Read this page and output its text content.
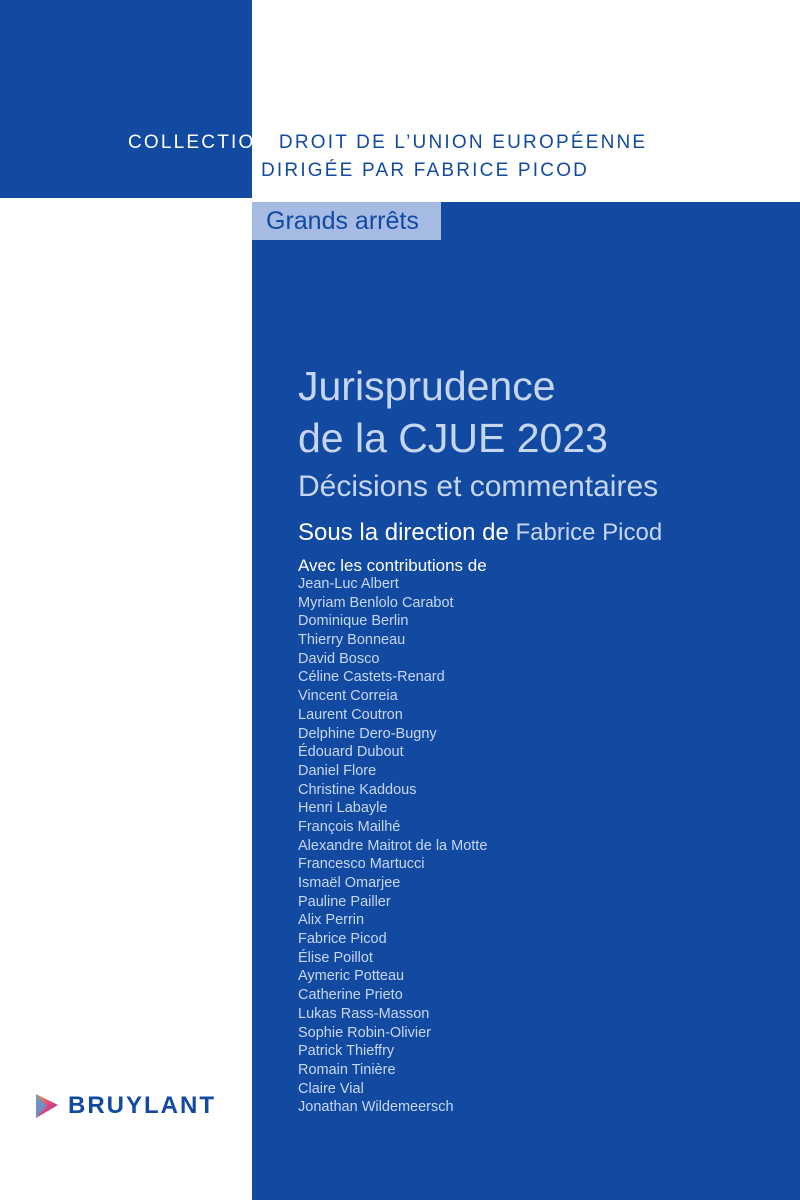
COLLECTION DROIT DE L’UNION EUROPÉENNE

DIRIGÉE PAR FABRICE PICOD

Grands arrêts
Jurisprudence
de la CJUE 2023
Décisions et commentaires

Sous la direction de Fabrice Picod

Avec les contributions de

Jean-Luc Albert
Myriam Benlolo Carabot
Dominique Berlin
Thierry Bonneau
David Bosco
Céline Castets-Renard
Vincent Correia
Laurent Coutron
Delphine Dero-Bugny
Édouard Dubout
Daniel Flore
Christine Kaddous
Henri Labayle
François Mailhé
Alexandre Maitrot de la Motte
Francesco Martucci
Ismaël Omarjee
Pauline Pailler
Alix Perrin
Fabrice Picod
Élise Poillot
Aymeric Potteau
Catherine Prieto
Lukas Rass-Masson
Sophie Robin-Olivier
Patrick Thieffry
Romain Tinière
Claire Vial
Jonathan Wildemeersch
BRUYLANT
